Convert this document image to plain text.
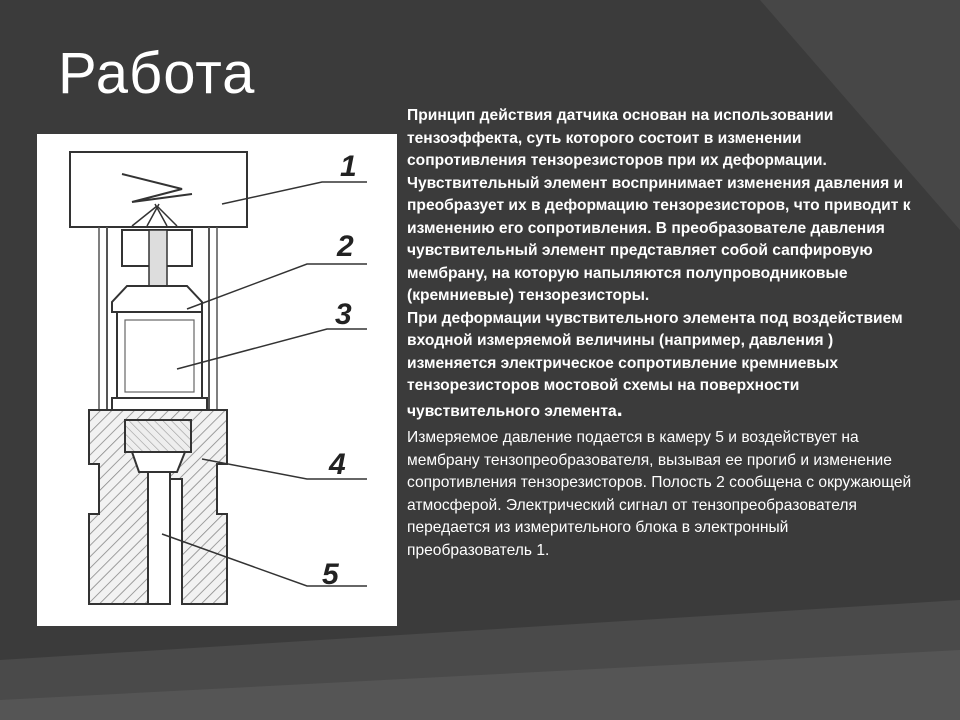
Работа
1
2
3
4
5

Принцип действия датчика основан на использовании тензоэффекта, суть которого состоит в изменении сопротивления тензорезисторов при их деформации. Чувствительный элемент воспринимает изменения давления и преобразует их в деформацию тензорезисторов, что приводит к изменению его сопротивления. В преобразователе давления чувствительный элемент представляет собой сапфировую мембрану, на которую напыляются полупроводниковые (кремниевые) тензорезисторы.

При деформации чувствительного элемента под воздействием входной измеряемой величины (например, давления ) изменяется электрическое сопротивление кремниевых тензорезисторов мостовой схемы на поверхности чувствительного элемента.

Измеряемое давление подается в камеру 5 и воздействует на мембрану тензопреобразователя, вызывая ее прогиб и изменение сопротивления тензорезисторов. Полость 2 сообщена с окружающей атмосферой. Электрический сигнал от тензопреобразователя передается из измерительного блока в электронный преобразователь 1.
